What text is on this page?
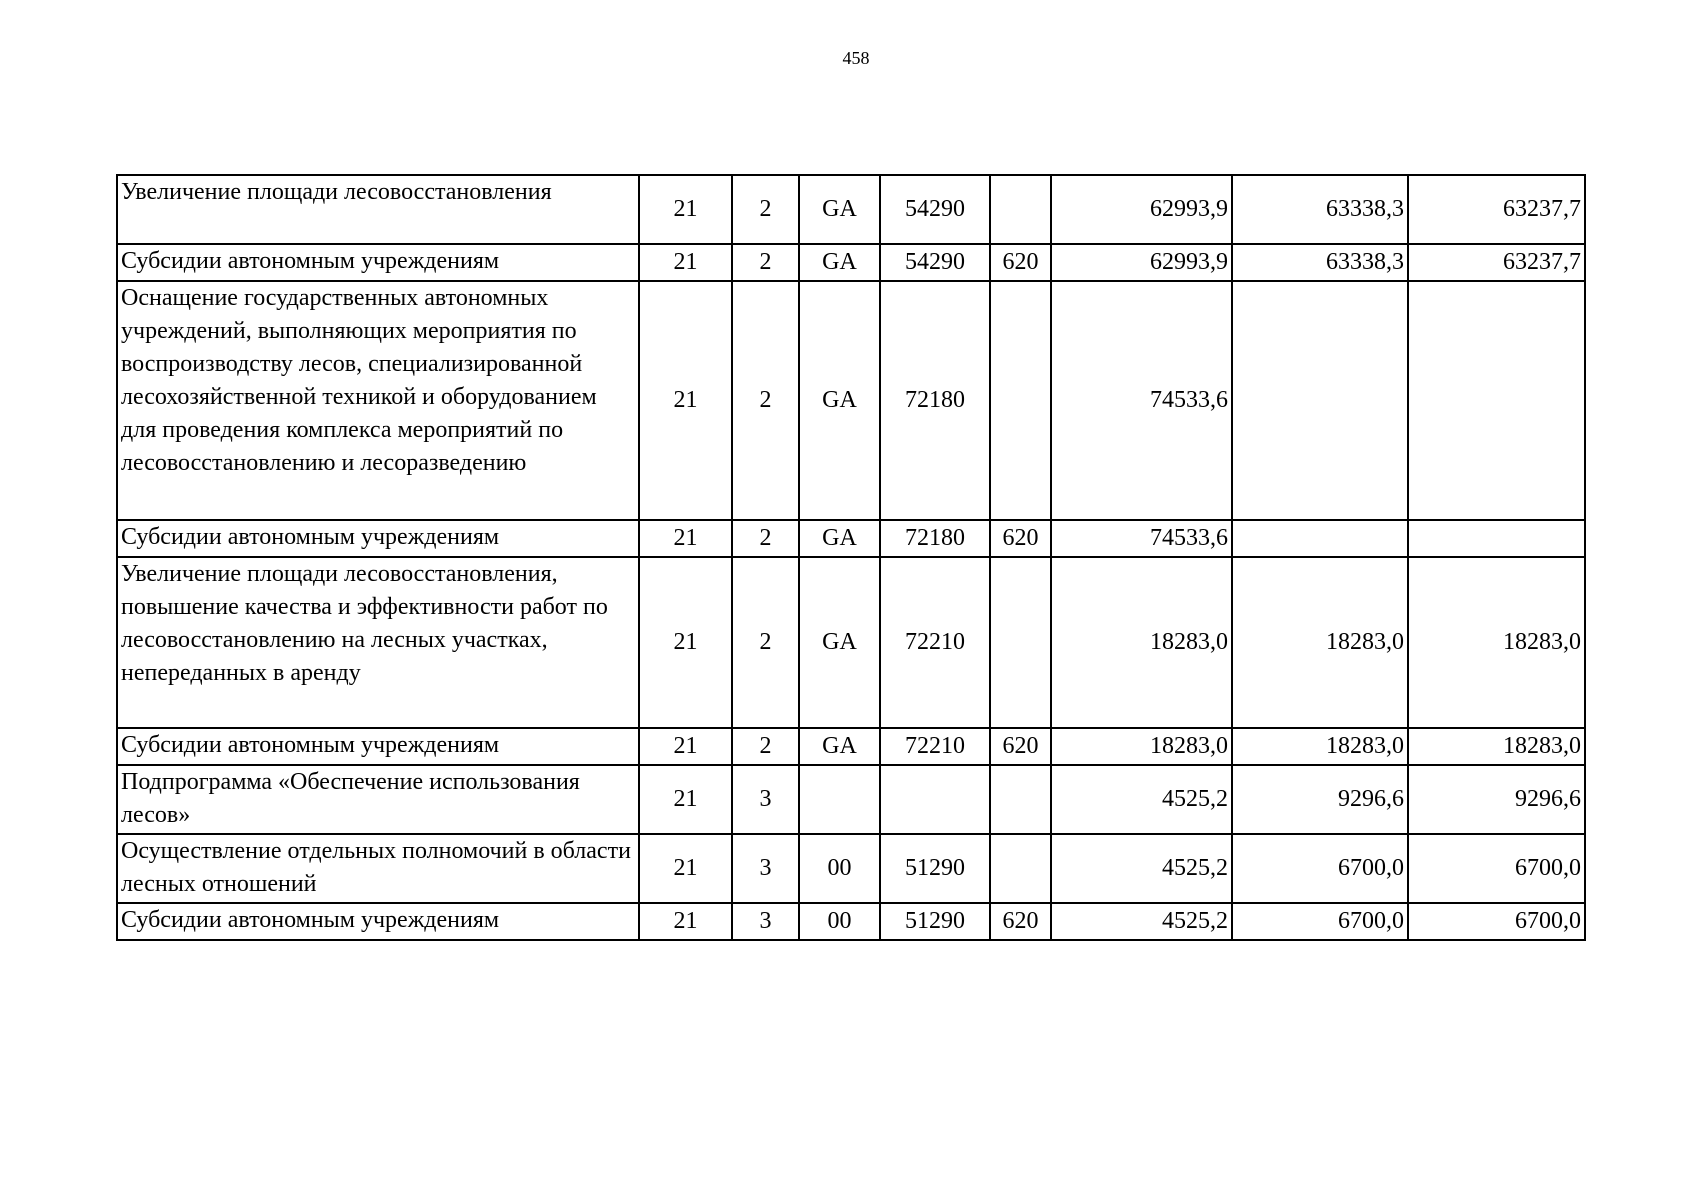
458
Увеличение площади лесовосстановления	21	2	GA	54290		62993,9	63338,3	63237,7
Субсидии автономным учреждениям	21	2	GA	54290	620	62993,9	63338,3	63237,7
Оснащение государственных автономных учреждений, выполняющих мероприятия по воспроизводству лесов, специализированной лесохозяйственной техникой и оборудованием для проведения комплекса мероприятий по лесовосстановлению и лесоразведению	21	2	GA	72180		74533,6		
Субсидии автономным учреждениям	21	2	GA	72180	620	74533,6		
Увеличение площади лесовосстановления, повышение качества и эффективности работ по лесовосстановлению на лесных участках, непереданных в аренду	21	2	GA	72210		18283,0	18283,0	18283,0
Субсидии автономным учреждениям	21	2	GA	72210	620	18283,0	18283,0	18283,0
Подпрограмма «Обеспечение использования лесов»	21	3				4525,2	9296,6	9296,6
Осуществление отдельных полномочий в области лесных отношений	21	3	00	51290		4525,2	6700,0	6700,0
Субсидии автономным учреждениям	21	3	00	51290	620	4525,2	6700,0	6700,0
